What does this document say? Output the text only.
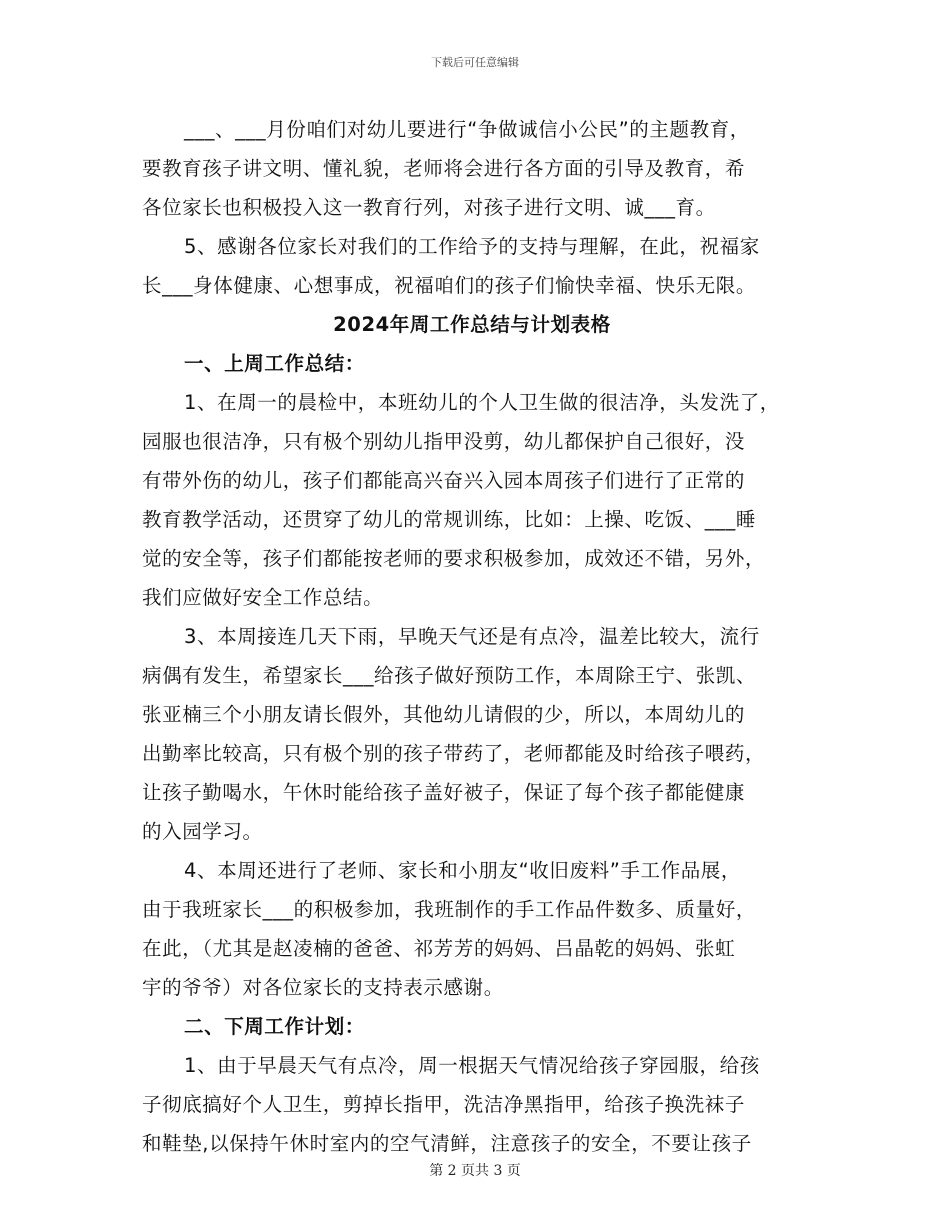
下载后可任意编辑
___、___月份咱们对幼儿要进行“争做诚信小公民”的主题教育，
要教育孩子讲文明、懂礼貌，老师将会进行各方面的引导及教育，希
各位家长也积极投入这一教育行列，对孩子进行文明、诚___育。
5、感谢各位家长对我们的工作给予的支持与理解，在此，祝福家
长___身体健康、心想事成，祝福咱们的孩子们愉快幸福、快乐无限。
2024年周工作总结与计划表格
一、上周工作总结：
1、在周一的晨检中，本班幼儿的个人卫生做的很洁净，头发洗了，
园服也很洁净，只有极个别幼儿指甲没剪，幼儿都保护自己很好，没
有带外伤的幼儿，孩子们都能高兴奋兴入园本周孩子们进行了正常的
教育教学活动，还贯穿了幼儿的常规训练，比如：上操、吃饭、___睡
觉的安全等，孩子们都能按老师的要求积极参加，成效还不错，另外，
我们应做好安全工作总结。
3、本周接连几天下雨，早晚天气还是有点冷，温差比较大，流行
病偶有发生，希望家长___给孩子做好预防工作，本周除王宁、张凯、
张亚楠三个小朋友请长假外，其他幼儿请假的少，所以，本周幼儿的
出勤率比较高，只有极个别的孩子带药了，老师都能及时给孩子喂药，
让孩子勤喝水，午休时能给孩子盖好被子，保证了每个孩子都能健康
的入园学习。
4、本周还进行了老师、家长和小朋友“收旧废料”手工作品展，
由于我班家长___的积极参加，我班制作的手工作品件数多、质量好，
在此，（尤其是赵凌楠的爸爸、祁芳芳的妈妈、吕晶乾的妈妈、张虹
宇的爷爷）对各位家长的支持表示感谢。
二、下周工作计划：
1、由于早晨天气有点冷，周一根据天气情况给孩子穿园服，给孩
子彻底搞好个人卫生，剪掉长指甲，洗洁净黑指甲，给孩子换洗袜子
和鞋垫,以保持午休时室内的空气清鲜，注意孩子的安全，不要让孩子
第 2 页共 3 页
